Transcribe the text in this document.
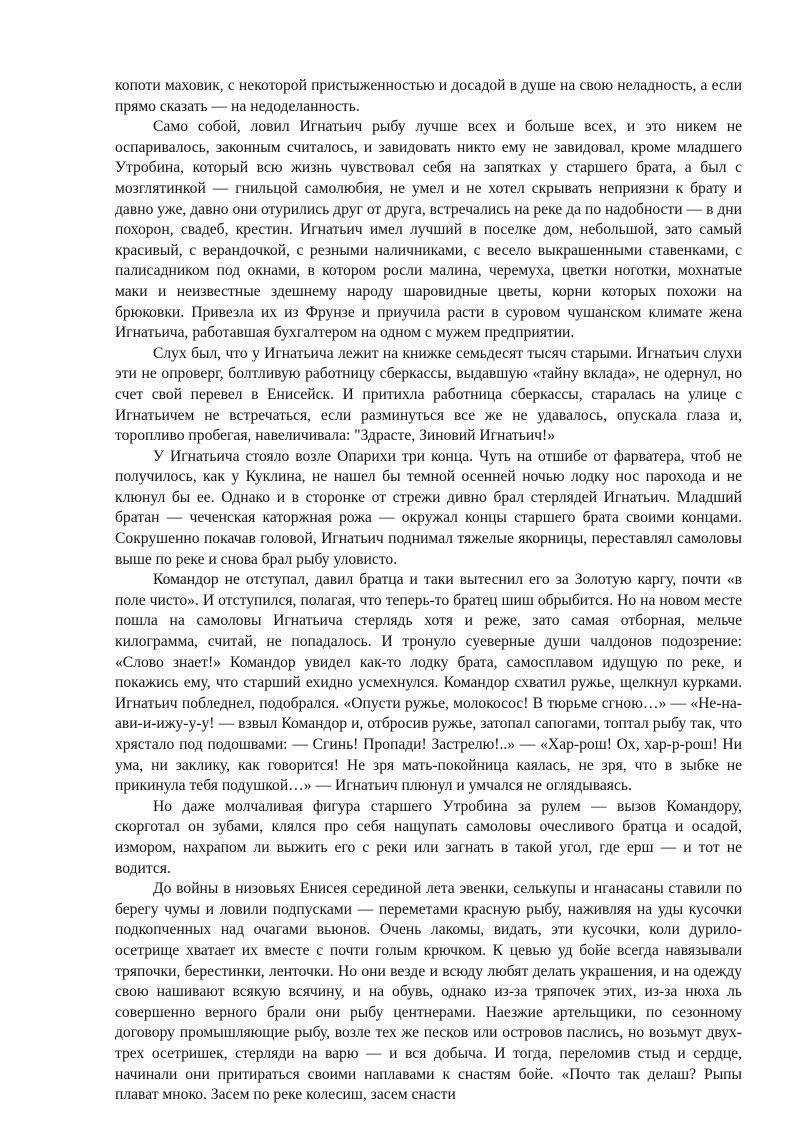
копоти маховик, с некоторой пристыженностью и досадой в душе на свою неладность, а если прямо сказать — на недоделанность.

Само собой, ловил Игнатьич рыбу лучше всех и больше всех, и это никем не оспаривалось, законным считалось, и завидовать никто ему не завидовал, кроме младшего Утробина, который всю жизнь чувствовал себя на запятках у старшего брата, а был с мозглятинкой — гнильцой самолюбия, не умел и не хотел скрывать неприязни к брату и давно уже, давно они отурились друг от друга, встречались на реке да по надобности — в дни похорон, свадеб, крестин. Игнатьич имел лучший в поселке дом, небольшой, зато самый красивый, с верандочкой, с резными наличниками, с весело выкрашенными ставенками, с палисадником под окнами, в котором росли малина, черемуха, цветки ноготки, мохнатые маки и неизвестные здешнему народу шаровидные цветы, корни которых похожи на брюковки. Привезла их из Фрунзе и приучила расти в суровом чушанском климате жена Игнатьича, работавшая бухгалтером на одном с мужем предприятии.

Слух был, что у Игнатьича лежит на книжке семьдесят тысяч старыми. Игнатьич слухи эти не опроверг, болтливую работницу сберкассы, выдавшую «тайну вклада», не одернул, но счет свой перевел в Енисейск. И притихла работница сберкассы, старалась на улице с Игнатьичем не встречаться, если разминуться все же не удавалось, опускала глаза и, торопливо пробегая, навеличивала: "Здрасте, Зиновий Игнатьич!»

У Игнатьича стояло возле Опарихи три конца. Чуть на отшибе от фарватера, чтоб не получилось, как у Куклина, не нашел бы темной осенней ночью лодку нос парохода и не клюнул бы ее. Однако и в сторонке от стрежи дивно брал стерлядей Игнатьич. Младший братан — чеченская каторжная рожа — окружал концы старшего брата своими концами. Сокрушенно покачав головой, Игнатьич поднимал тяжелые якорницы, переставлял самоловы выше по реке и снова брал рыбу уловисто.

Командор не отступал, давил братца и таки вытеснил его за Золотую каргу, почти «в поле чисто». И отступился, полагая, что теперь-то братец шиш обрыбится. Но на новом месте пошла на самоловы Игнатьича стерлядь хотя и реже, зато самая отборная, мельче килограмма, считай, не попадалось. И тронуло суеверные души чалдонов подозрение: «Слово знает!» Командор увидел как-то лодку брата, самосплавом идущую по реке, и покажись ему, что старший ехидно усмехнулся. Командор схватил ружье, щелкнул курками. Игнатьич побледнел, подобрался. «Опусти ружье, молокосос! В тюрьме сгною…» — «Не-на-ави-и-ижу-у-у! — взвыл Командор и, отбросив ружье, затопал сапогами, топтал рыбу так, что хрястало под подошвами: — Сгинь! Пропади! Застрелю!..» — «Хар-рош! Ох, хар-р-рош! Ни ума, ни заклику, как говорится! Не зря мать-покойница каялась, не зря, что в зыбке не прикинула тебя подушкой…» — Игнатьич плюнул и умчался не оглядываясь.

Но даже молчаливая фигура старшего Утробина за рулем — вызов Командору, скорготал он зубами, клялся про себя нащупать самоловы очесливого братца и осадой, измором, нахрапом ли выжить его с реки или загнать в такой угол, где ерш — и тот не водится.

До войны в низовьях Енисея серединой лета эвенки, селькупы и нганасаны ставили по берегу чумы и ловили подпусками — переметами красную рыбу, наживляя на уды кусочки подкопченных над очагами вьюнов. Очень лакомы, видать, эти кусочки, коли дурило-осетрище хватает их вместе с почти голым крючком. К цевью уд бойе всегда навязывали тряпочки, берестинки, ленточки. Но они везде и всюду любят делать украшения, и на одежду свою нашивают всякую всячину, и на обувь, однако из-за тряпочек этих, из-за нюха ль совершенно верного брали они рыбу центнерами. Наезжие артельщики, по сезонному договору промышляющие рыбу, возле тех же песков или островов паслись, но возьмут двух-трех осетришек, стерляди на варю — и вся добыча. И тогда, переломив стыд и сердце, начинали они притираться своими наплавами к снастям бойе. «Почто так делаш? Рыпы плават мноко. Засем по реке колесиш, засем снасти
